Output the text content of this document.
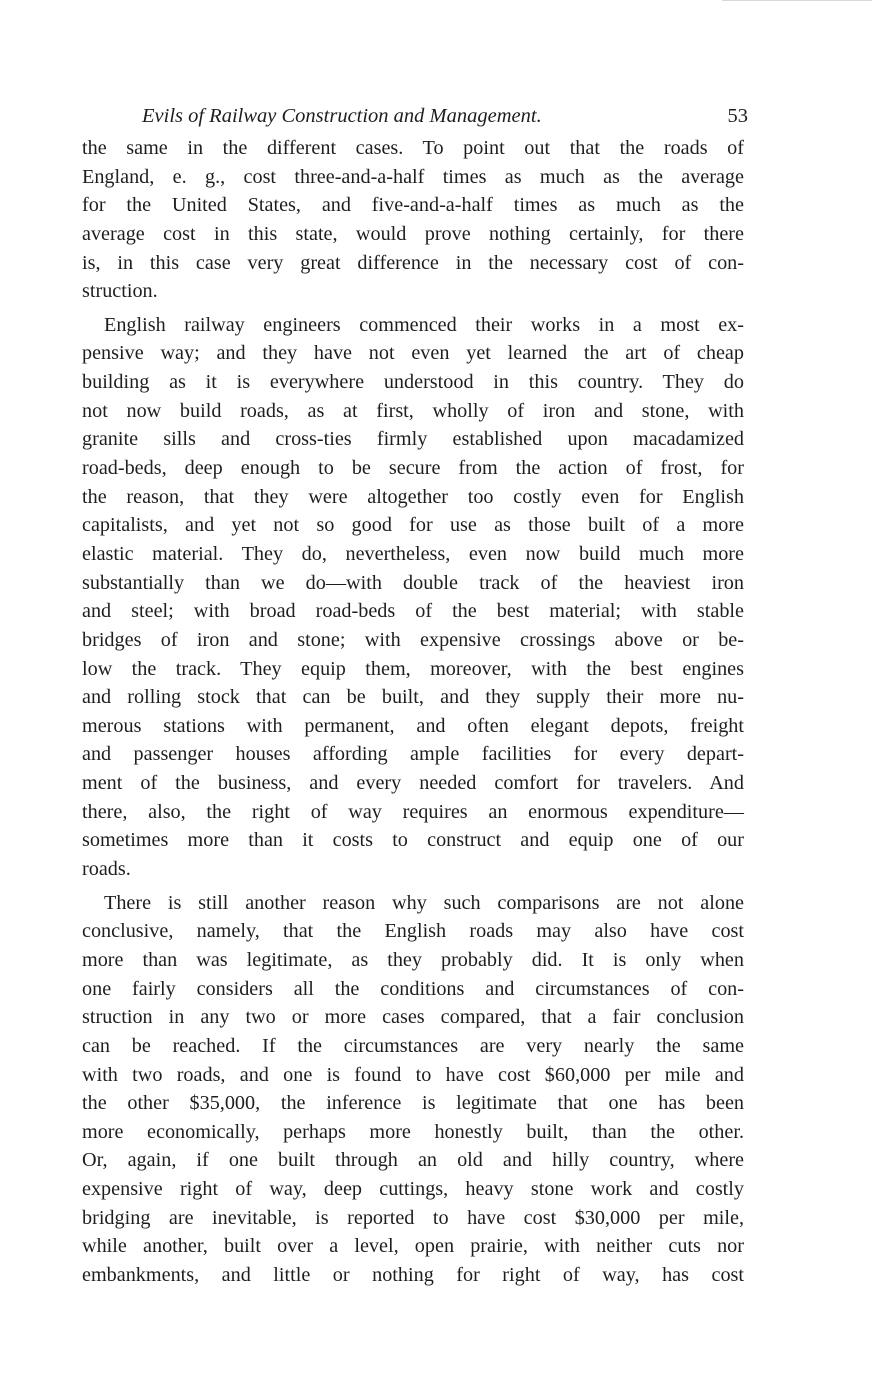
Evils of Railway Construction and Management.	53

the same in the different cases. To point out that the roads of
England, e. g., cost three-and-a-half times as much as the average
for the United States, and five-and-a-half times as much as the
average cost in this state, would prove nothing certainly, for there
is, in this case very great difference in the necessary cost of con-
struction.

English railway engineers commenced their works in a most ex-
pensive way; and they have not even yet learned the art of cheap
building as it is everywhere understood in this country. They do
not now build roads, as at first, wholly of iron and stone, with
granite sills and cross-ties firmly established upon macadamized
road-beds, deep enough to be secure from the action of frost, for
the reason, that they were altogether too costly even for English
capitalists, and yet not so good for use as those built of a more
elastic material. They do, nevertheless, even now build much more
substantially than we do—with double track of the heaviest iron
and steel; with broad road-beds of the best material; with stable
bridges of iron and stone; with expensive crossings above or be-
low the track. They equip them, moreover, with the best engines
and rolling stock that can be built, and they supply their more nu-
merous stations with permanent, and often elegant depots, freight
and passenger houses affording ample facilities for every depart-
ment of the business, and every needed comfort for travelers. And
there, also, the right of way requires an enormous expenditure—
sometimes more than it costs to construct and equip one of our
roads.

There is still another reason why such comparisons are not alone
conclusive, namely, that the English roads may also have cost
more than was legitimate, as they probably did. It is only when
one fairly considers all the conditions and circumstances of con-
struction in any two or more cases compared, that a fair conclusion
can be reached. If the circumstances are very nearly the same
with two roads, and one is found to have cost $60,000 per mile and
the other $35,000, the inference is legitimate that one has been
more economically, perhaps more honestly built, than the other.
Or, again, if one built through an old and hilly country, where
expensive right of way, deep cuttings, heavy stone work and costly
bridging are inevitable, is reported to have cost $30,000 per mile,
while another, built over a level, open prairie, with neither cuts nor
embankments, and little or nothing for right of way, has cost
